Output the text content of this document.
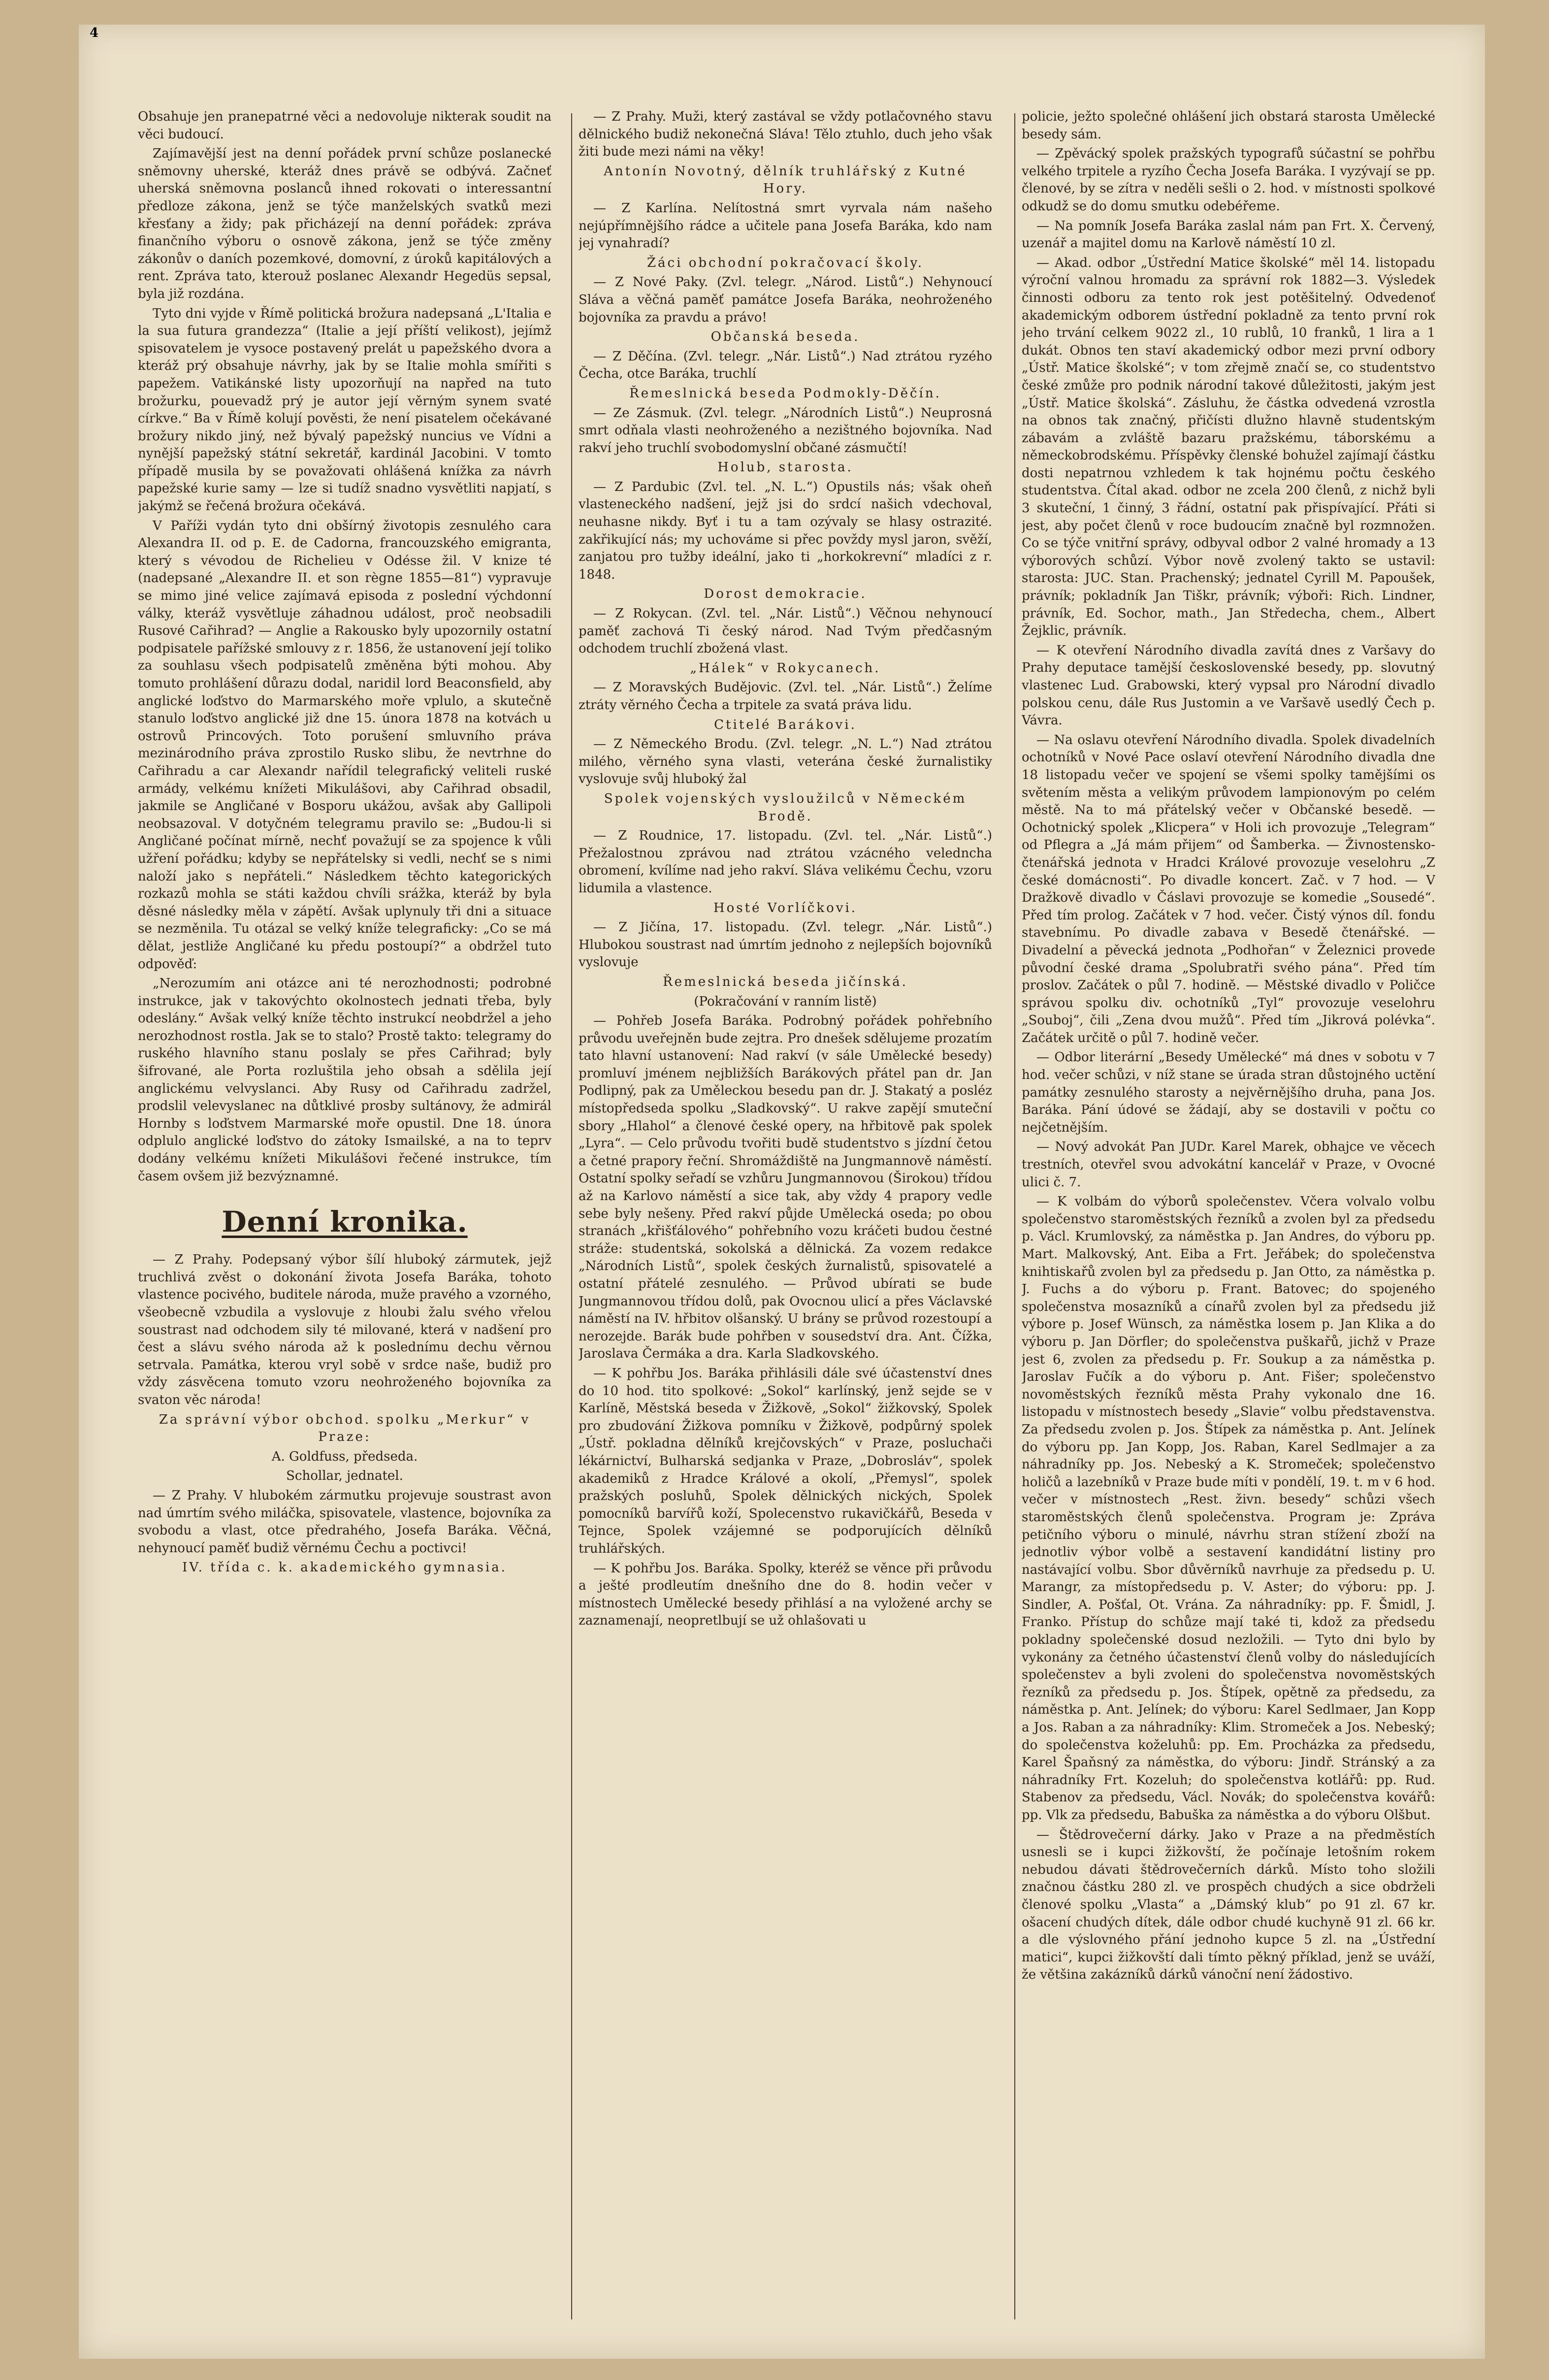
4

Obsahuje jen pranepatrné věci a nedovoluje nikterak soudit na věci budoucí.

Zajímavější jest na denní pořádek první schůze poslanecké sněmovny uherské, kteráž dnes právě se odbývá. Začneť uherská sněmovna poslanců ihned rokovati o interessantní předloze zákona, jenž se týče manželských svatků mezi křesťany a židy; pak přicházejí na denní pořádek: zpráva finančního výboru o osnově zákona, jenž se týče změny zákonův o daních pozemkové, domovní, z úroků kapitálových a rent. Zpráva tato, kterouž poslanec Alexandr Hegedüs sepsal, byla již rozdána.

Tyto dni vyjde v Římě politická brožura nadepsaná „L'Italia e la sua futura grandezza“ (Italie a její příští velikost), jejímž spisovatelem je vysoce postavený prelát u papežského dvora a kteráž prý obsahuje návrhy, jak by se Italie mohla smířiti s papežem. Vatikánské listy upozorňují na napřed na tuto brožurku, pouevadž prý je autor její věrným synem svaté církve.“ Ba v Římě kolují pověsti, že není pisatelem očekávané brožury nikdo jiný, než bývalý papežský nuncius ve Vídni a nynější papežský státní sekretář, kardinál Jacobini. V tomto případě musila by se považovati ohlášená knížka za návrh papežské kurie samy — lze si tudíž snadno vysvětliti napjatí, s jakýmž se řečená brožura očekává.

V Paříži vydán tyto dni obšírný životopis zesnulého cara Alexandra II. od p. E. de Cadorna, francouzského emigranta, který s vévodou de Richelieu v Odésse žil. V knize té (nadepsané „Alexandre II. et son règne 1855—81“) vypravuje se mimo jiné velice zajímavá episoda z poslední výchdonní války, kteráž vysvětluje záhadnou událost, proč neobsadili Rusové Cařihrad? — Anglie a Rakousko byly upozornily ostatní podpisatele pařížské smlouvy z r. 1856, že ustanovení její toliko za souhlasu všech podpisatelů změněna býti mohou. Aby tomuto prohlášení důrazu dodal, naridil lord Beaconsfield, aby anglické loďstvo do Marmarského moře vplulo, a skutečně stanulo loďstvo anglické již dne 15. února 1878 na kotvách u ostrovů Princových. Toto porušení smluvního práva mezinárodního práva zprostilo Rusko slibu, že nevtrhne do Cařihradu a car Alexandr nařídil telegrafický veliteli ruské armády, velkému knížeti Mikulášovi, aby Cařihrad obsadil, jakmile se Angličané v Bosporu ukážou, avšak aby Gallipoli neobsazoval. V dotyčném telegramu pravilo se: „Budou-li si Angličané počínat mírně, nechť považují se za spojence k vůli užření pořádku; kdyby se nepřátelsky si vedli, nechť se s nimi naloží jako s nepřáteli.“ Následkem těchto kategorických rozkazů mohla se státi každou chvíli srážka, kteráž by byla děsné následky měla v zápětí. Avšak uplynuly tři dni a situace se nezměnila. Tu otázal se velký kníže telegraficky: „Co se má dělat, jestliže Angličané ku předu postoupí?“ a obdržel tuto odpověď:

„Nerozumím ani otázce ani té nerozhodnosti; podrobné instrukce, jak v takovýchto okolnostech jednati třeba, byly odeslány.“ Avšak velký kníže těchto instrukcí neobdržel a jeho nerozhodnost rostla. Jak se to stalo? Prostě takto: telegramy do ruského hlavního stanu poslaly se přes Cařihrad; byly šifrované, ale Porta rozluštila jeho obsah a sdělila její anglickému velvyslanci. Aby Rusy od Cařihradu zadržel, prodslil velevyslanec na důtklivé prosby sultánovy, že admirál Hornby s loďstvem Marmarské moře opustil. Dne 18. února odplulo anglické loďstvo do zátoky Ismailské, a na to teprv dodány velkému knížeti Mikulášovi řečené instrukce, tím časem ovšem již bezvýznamné.

Denní kronika.

— Z Prahy. Podepsaný výbor šílí hluboký zármutek, jejž truchlivá zvěst o dokonání života Josefa Baráka, tohoto vlastence pocivého, buditele národa, muže pravého a vzorného, všeobecně vzbudila a vyslovuje z hloubi žalu svého vřelou soustrast nad odchodem sily té milované, která v nadšení pro čest a slávu svého národa až k poslednímu dechu věrnou setrvala. Památka, kterou vryl sobě v srdce naše, budiž pro vždy zásvěcena tomuto vzoru neohroženého bojovníka za svaton věc národa!

Za správní výbor obchod. spolku „Merkur“ v Praze:

A. Goldfuss, předseda.

Schollar, jednatel.

— Z Prahy. V hlubokém zármutku projevuje soustrast avon nad úmrtím svého miláčka, spisovatele, vlastence, bojovníka za svobodu a vlast, otce předrahého, Josefa Baráka. Věčná, nehynoucí paměť budiž věrnému Čechu a poctivci!

IV. třída c. k. akademického gymnasia.

— Z Prahy. Muži, který zastával se vždy potlačovného stavu dělnického budiž nekonečná Sláva! Tělo ztuhlo, duch jeho však žiti bude mezi námi na věky!

Antonín Novotný, dělník truhlářský z Kutné Hory.

— Z Karlína. Nelítostná smrt vyrvala nám našeho nejúpřímnějšího rádce a učitele pana Josefa Baráka, kdo nam jej vynahradí?

Žáci obchodní pokračovací školy.

— Z Nové Paky. (Zvl. telegr. „Národ. Listů“.) Nehynoucí Sláva a věčná paměť památce Josefa Baráka, neohroženého bojovníka za pravdu a právo!

Občanská beseda.

— Z Děčína. (Zvl. telegr. „Nár. Listů“.) Nad ztrátou ryzého Čecha, otce Baráka, truchlí

Řemeslnická beseda Podmokly-Děčín.

— Ze Zásmuk. (Zvl. telegr. „Národních Listů“.) Neuprosná smrt odňala vlasti neohroženého a nezištného bojovníka. Nad rakví jeho truchlí svobodomyslní občané zásmučtí!

Holub, starosta.

— Z Pardubic (Zvl. tel. „N. L.“) Opustils nás; však oheň vlasteneckého nadšení, jejž jsi do srdcí našich vdechoval, neuhasne nikdy. Byť i tu a tam ozývaly se hlasy ostrazité. zakřikující nás; my uchováme si přec povždy mysl jaron, svěží, zanjatou pro tužby ideální, jako ti „horkokrevní“ mladíci z r. 1848.

Dorost demokracie.

— Z Rokycan. (Zvl. tel. „Nár. Listů“.) Věčnou nehynoucí paměť zachová Ti český národ. Nad Tvým předčasným odchodem truchlí zbožená vlast.

„Hálek“ v Rokycanech.

— Z Moravských Budějovic. (Zvl. tel. „Nár. Listů“.) Želíme ztráty věrného Čecha a trpitele za svatá práva lidu.

Ctitelé Barákovi.

— Z Německého Brodu. (Zvl. telegr. „N. L.“) Nad ztrátou milého, věrného syna vlasti, veterána české žurnalistiky vyslovuje svůj hluboký žal

Spolek vojenských vysloužilců v Německém Brodě.

— Z Roudnice, 17. listopadu. (Zvl. tel. „Nár. Listů“.) Přežalostnou zprávou nad ztrátou vzácného veledncha obromení, kvílíme nad jeho rakví. Sláva velikému Čechu, vzoru lidumila a vlastence.

Hosté Vorlíčkovi.

— Z Jičína, 17. listopadu. (Zvl. telegr. „Nár. Listů“.) Hlubokou soustrast nad úmrtím jednoho z nejlepších bojovníků vyslovuje

Řemeslnická beseda jičínská.

(Pokračování v ranním listě)

— Pohřeb Josefa Baráka. Podrobný pořádek pohřebního průvodu uveřejněn bude zejtra. Pro dnešek sdělujeme prozatím tato hlavní ustanovení: Nad rakví (v sále Umělecké besedy) promluví jménem nejbližších Barákových přátel pan dr. Jan Podlipný, pak za Uměleckou besedu pan dr. J. Stakatý a posléz místopředseda spolku „Sladkovský“. U rakve zapějí smuteční sbory „Hlahol“ a členové české opery, na hřbitově pak spolek „Lyra“. — Celo průvodu tvořiti budě studentstvo s jízdní četou a četné prapory řeční. Shromáždiště na Jungmannově náměstí. Ostatní spolky seřadí se vzhůru Jungmannovou (Širokou) třídou až na Karlovo náměstí a sice tak, aby vždy 4 prapory vedle sebe byly nešeny. Před rakví půjde Umělecká oseda; po obou stranách „křišťálového“ pohřebního vozu kráčeti budou čestné stráže: studentská, sokolská a dělnická. Za vozem redakce „Národních Listů“, spolek českých žurnalistů, spisovatelé a ostatní přátelé zesnulého. — Průvod ubírati se bude Jungmannovou třídou dolů, pak Ovocnou ulicí a přes Václavské náměstí na IV. hřbitov olšanský. U brány se průvod rozestoupí a nerozejde. Barák bude pohřben v sousedství dra. Ant. Čížka, Jaroslava Čermáka a dra. Karla Sladkovského.

— K pohřbu Jos. Baráka přihlásili dále své účastenství dnes do 10 hod. tito spolkové: „Sokol“ karlínský, jenž sejde se v Karlíně, Městská beseda v Žižkově, „Sokol“ žižkovský, Spolek pro zbudování Žižkova pomníku v Žižkově, podpůrný spolek „Ústř. pokladna dělníků krejčovských“ v Praze, posluchači lékárnictví, Bulharská sedjanka v Praze, „Dobrosláv“, spolek akademiků z Hradce Králové a okolí, „Přemysl“, spolek pražských posluhů, Spolek dělnických nických, Spolek pomocníků barvířů koží, Spolecenstvo rukavičkářů, Beseda v Tejnce, Spolek vzájemné se podporujících dělníků truhlářských.

— K pohřbu Jos. Baráka. Spolky, kteréž se věnce při průvodu a ješté prodleutím dnešního dne do 8. hodin večer v místnostech Umělecké besedy přihlásí a na vyložené archy se zaznamenají, neopretlbují se už ohlašovati u

policie, ježto společné ohlášení jich obstará starosta Umělecké besedy sám.

— Zpěvácký spolek pražských typografů súčastní se pohřbu velkého trpitele a ryzího Čecha Josefa Baráka. I vyzývají se pp. členové, by se zítra v neděli sešli o 2. hod. v místnosti spolkové odkudž se do domu smutku odebéřeme.

— Na pomník Josefa Baráka zaslal nám pan Frt. X. Červený, uzenář a majitel domu na Karlově náměstí 10 zl.

— Akad. odbor „Ústřední Matice školské“ měl 14. listopadu výroční valnou hromadu za správní rok 1882—3. Výsledek činnosti odboru za tento rok jest potěšitelný. Odvedenoť akademickým odborem ústřední pokladně za tento první rok jeho trvání celkem 9022 zl., 10 rublů, 10 franků, 1 lira a 1 dukát. Obnos ten staví akademický odbor mezi první odbory „Ústř. Matice školské“; v tom zřejmě značí se, co studentstvo české zmůže pro podnik národní takové důležitosti, jakým jest „Ústř. Matice školská“. Zásluhu, že částka odvedená vzrostla na obnos tak značný, přičísti dlužno hlavně studentským zábavám a zvláště bazaru pražskému, táborskému a německobrodskému. Příspěvky členské bohužel zajímají částku dosti nepatrnou vzhledem k tak hojnému počtu českého studentstva. Čítal akad. odbor ne zcela 200 členů, z nichž byli 3 skuteční, 1 činný, 3 řádní, ostatní pak přispívající. Přáti si jest, aby počet členů v roce budoucím značně byl rozmnožen. Co se týče vnitřní správy, odbyval odbor 2 valné hromady a 13 výborových schůzí. Výbor nově zvolený takto se ustavil: starosta: JUC. Stan. Prachenský; jednatel Cyrill M. Papoušek, právník; pokladník Jan Tiškr, právník; výboři: Rich. Lindner, právník, Ed. Sochor, math., Jan Středecha, chem., Albert Žejklic, právník.

— K otevření Národního divadla zavítá dnes z Varšavy do Prahy deputace tamější československé besedy, pp. slovutný vlastenec Lud. Grabowski, který vypsal pro Národní divadlo polskou cenu, dále Rus Justomin a ve Varšavě usedlý Čech p. Vávra.

— Na oslavu otevření Národního divadla. Spolek divadelních ochotníků v Nové Pace oslaví otevření Národního divadla dne 18 listopadu večer ve spojení se všemi spolky tamějšími os světením města a velikým průvodem lampionovým po celém městě. Na to má přátelský večer v Občanské besedě. — Ochotnický spolek „Klicpera“ v Holi ich provozuje „Telegram“ od Pflegra a „Já mám přijem“ od Šamberka. — Živnostensko-čtenářská jednota v Hradci Králové provozuje veselohru „Z české domácnosti“. Po divadle koncert. Zač. v 7 hod. — V Dražkově divadlo v Čáslavi provozuje se komedie „Sousedé“. Před tím prolog. Začátek v 7 hod. večer. Čistý výnos díl. fondu stavebnímu. Po divadle zabava v Besedě čtenářské. — Divadelní a pěvecká jednota „Podhořan“ v Železnici provede původní české drama „Spolubratři svého pána“. Před tím proslov. Začátek o půl 7. hodině. — Městské divadlo v Poličce správou spolku div. ochotníků „Tyl“ provozuje veselohru „Souboj“, čili „Zena dvou mužů“. Před tím „Jikrová polévka“. Začátek určitě o půl 7. hodině večer.

— Odbor literární „Besedy Umělecké“ má dnes v sobotu v 7 hod. večer schůzi, v níž stane se úrada stran důstojného uctění památky zesnulého starosty a nejvěrnějšího druha, pana Jos. Baráka. Pání údové se žádají, aby se dostavili v počtu co nejčetnějším.

— Nový advokát Pan JUDr. Karel Marek, obhajce ve věcech trestních, otevřel svou advokátní kancelář v Praze, v Ovocné ulici č. 7.

— K volbám do výborů společenstev. Včera volvalo volbu společenstvo staroměstských řezníků a zvolen byl za předsedu p. Václ. Krumlovský, za náměstka p. Jan Andres, do výboru pp. Mart. Malkovský, Ant. Eiba a Frt. Jeřábek; do společenstva knihtiskařů zvolen byl za předsedu p. Jan Otto, za náměstka p. J. Fuchs a do výboru p. Frant. Batovec; do spojeného společenstva mosazníků a cínařů zvolen byl za předsedu již výbore p. Josef Wünsch, za náměstka losem p. Jan Klika a do výboru p. Jan Dörfler; do společenstva puškařů, jichž v Praze jest 6, zvolen za předsedu p. Fr. Soukup a za náměstka p. Jaroslav Fučík a do výboru p. Ant. Fišer; společenstvo novoměstských řezníků města Prahy vykonalo dne 16. listopadu v místnostech besedy „Slavie“ volbu představenstva. Za předsedu zvolen p. Jos. Štípek za náměstka p. Ant. Jelínek do výboru pp. Jan Kopp, Jos. Raban, Karel Sedlmajer a za náhradníky pp. Jos. Nebeský a K. Stromeček; společenstvo holičů a lazebníků v Praze bude míti v pondělí, 19. t. m v 6 hod. večer v místnostech „Rest. živn. besedy“ schůzi všech staroměstských členů společenstva. Program je: Zpráva petičního výboru o minulé, návrhu stran stížení zboží na jednotliv výbor volbě a sestavení kandidátní listiny pro nastávající volbu. Sbor důvěrníků navrhuje za předsedu p. U. Marangr, za místopředsedu p. V. Aster; do výboru: pp. J. Sindler, A. Pošťal, Ot. Vrána. Za náhradníky: pp. F. Šmidl, J. Franko. Přístup do schůze mají také ti, kdož za předsedu pokladny společenské dosud nezložili. — Tyto dni bylo by vykonány za četného účastenství členů volby do následujících společenstev a byli zvoleni do společenstva novoměstských řezníků za předsedu p. Jos. Štípek, opětně za předsedu, za náměstka p. Ant. Jelínek; do výboru: Karel Sedlmaer, Jan Kopp a Jos. Raban a za náhradníky: Klim. Stromeček a Jos. Nebeský; do společenstva koželuhů: pp. Em. Procházka za předsedu, Karel Špaňsný za náměstka, do výboru: Jindř. Stránský a za náhradníky Frt. Kozeluh; do společenstva kotlářů: pp. Rud. Stabenov za předsedu, Václ. Novák; do společenstva kovářů: pp. Vlk za předsedu, Babuška za náměstka a do výboru Olšbut.

— Štědrovečerní dárky. Jako v Praze a na předměstích usnesli se i kupci žižkovští, že počínaje letošním rokem nebudou dávati štědrovečerních dárků. Místo toho složili značnou částku 280 zl. ve prospěch chudých a sice obdrželi členové spolku „Vlasta“ a „Dámský klub“ po 91 zl. 67 kr. ošacení chudých dítek, dále odbor chudé kuchyně 91 zl. 66 kr. a dle výslovného přání jednoho kupce 5 zl. na „Ústřední matici“, kupci žižkovští dali tímto pěkný příklad, jenž se uváží, že většina zakázníků dárků vánoční není žádostivo.
